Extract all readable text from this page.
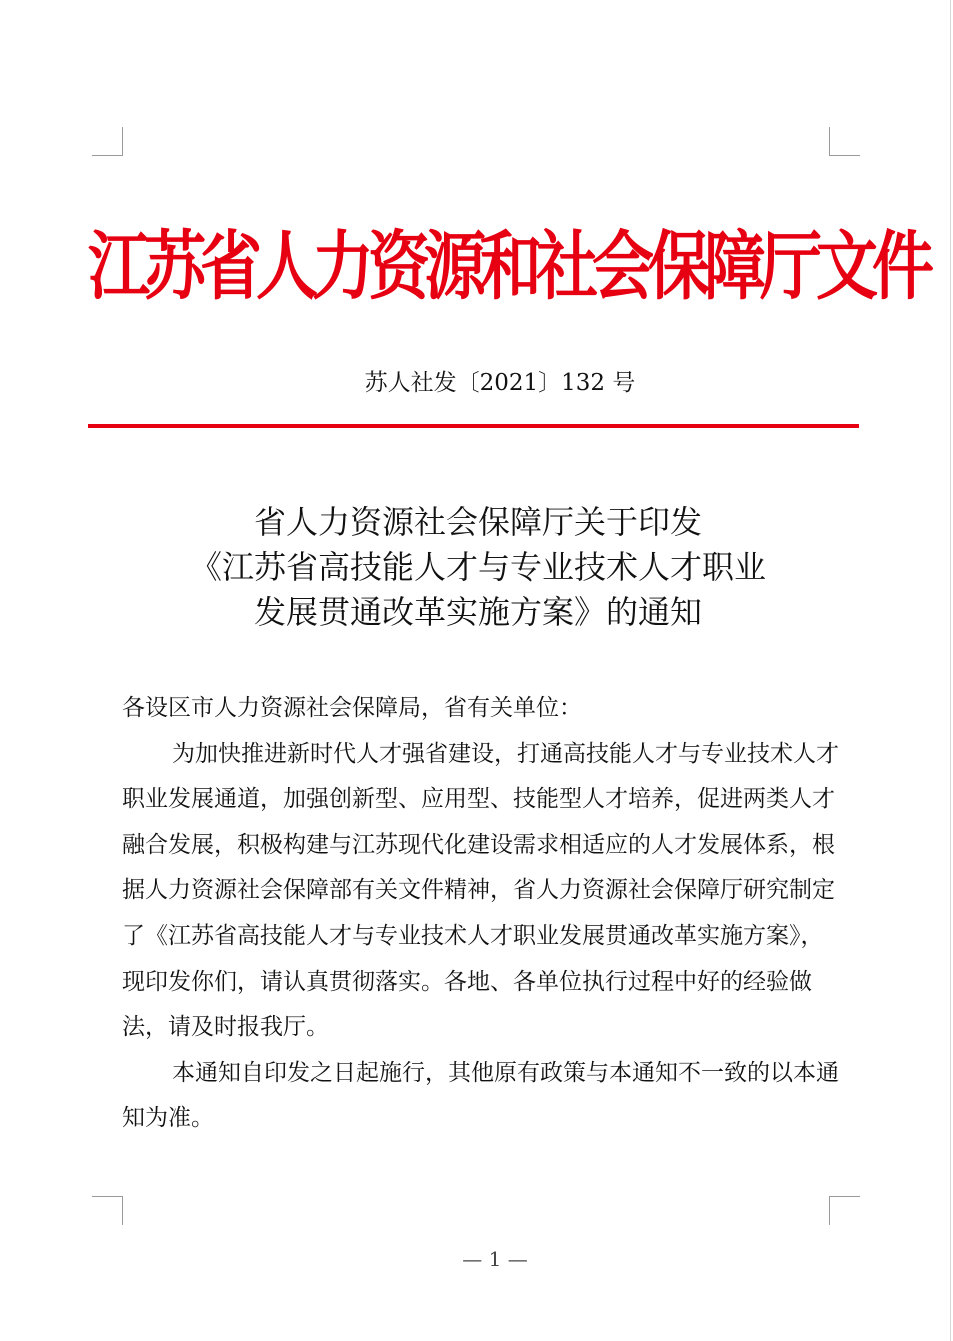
江苏省人力资源和社会保障厅文件
苏人社发〔2021〕132 号
省人力资源社会保障厅关于印发
《江苏省高技能人才与专业技术人才职业
发展贯通改革实施方案》的通知

各设区市人力资源社会保障局，省有关单位：

为加快推进新时代人才强省建设，打通高技能人才与专业技术人才职业发展通道，加强创新型、应用型、技能型人才培养，促进两类人才融合发展，积极构建与江苏现代化建设需求相适应的人才发展体系，根据人力资源社会保障部有关文件精神，省人力资源社会保障厅研究制定了《江苏省高技能人才与专业技术人才职业发展贯通改革实施方案》，现印发你们，请认真贯彻落实。各地、各单位执行过程中好的经验做法，请及时报我厅。

本通知自印发之日起施行，其他原有政策与本通知不一致的以本通知为准。

— 1 —
